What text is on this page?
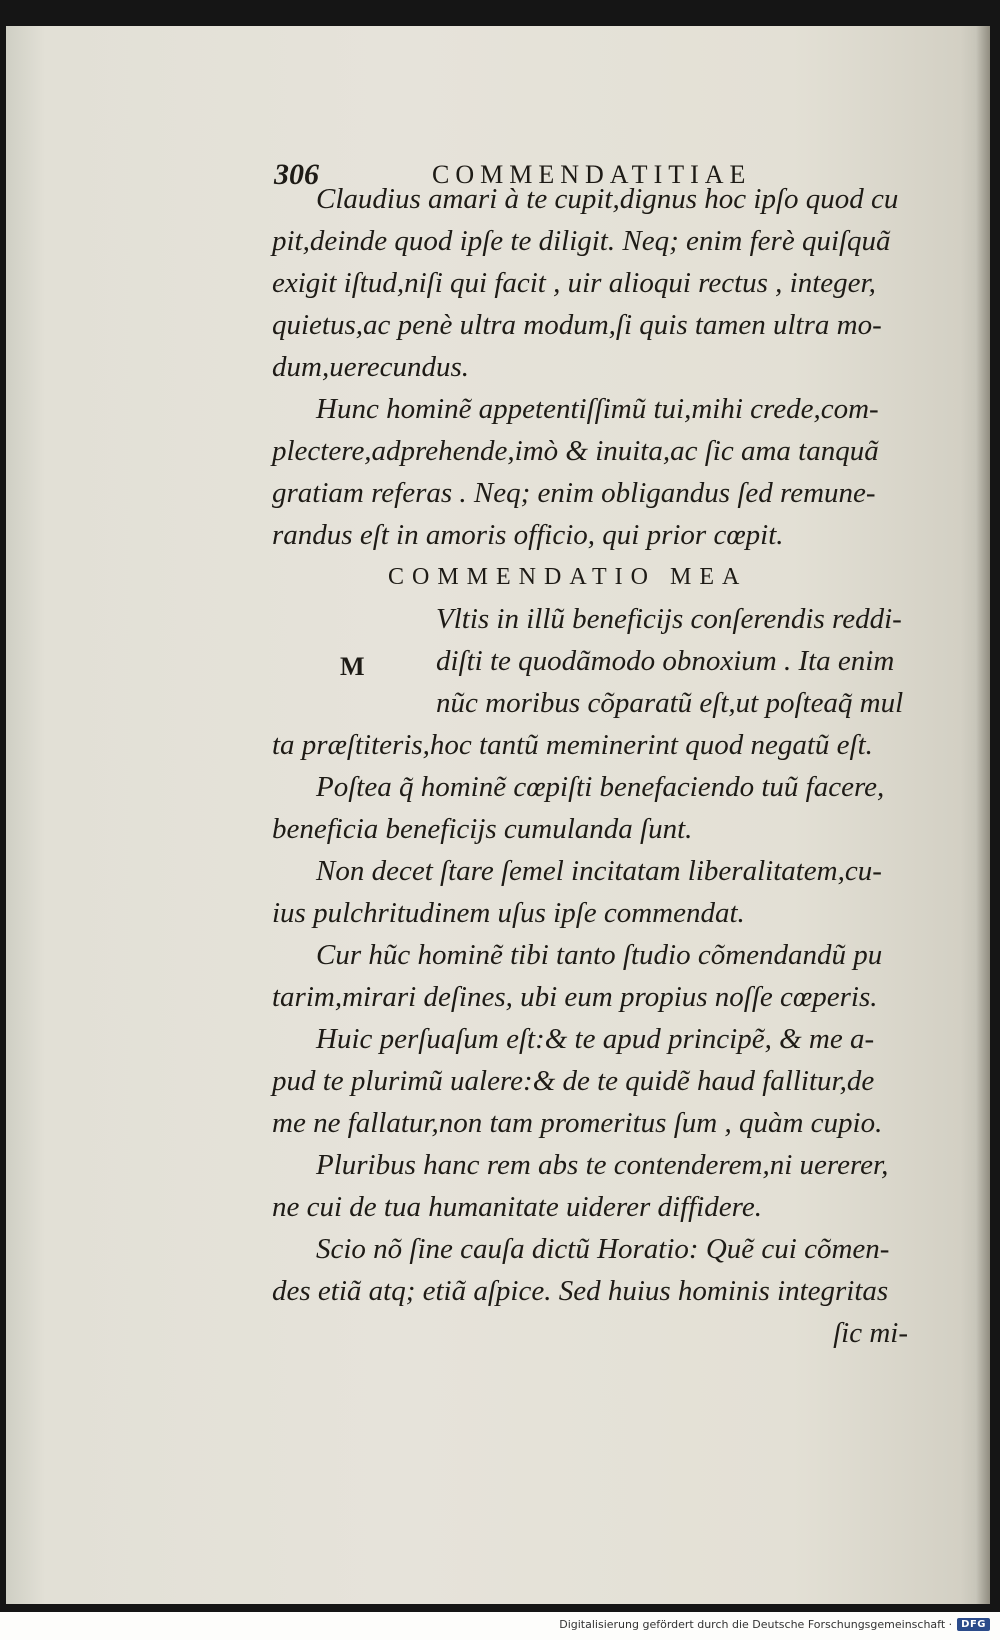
306	COMMENDATITIAE
Claudius amari à te cupit,dignus hoc ipſo quod cu
pit,deinde quod ipſe te diligit. Neq; enim ferè quiſquã
exigit iſtud,niſi qui facit , uir alioqui rectus , integer,
quietus,ac penè ultra modum,ſi quis tamen ultra mo-
dum,uerecundus.
Hunc hominẽ appetentiſſimũ tui,mihi crede,com-
plectere,adprehende,imò & inuita,ac ſic ama tanquã
gratiam referas . Neq; enim obligandus ſed remune-
randus eſt in amoris officio, qui prior cœpit.
COMMENDATIO MEA
M
Vltis in illũ beneficijs conſerendis reddi-
diſti te quodãmodo obnoxium . Ita enim
nũc moribus cõparatũ eſt,ut poſteaq̃ mul
ta præſtiteris,hoc tantũ meminerint quod negatũ eſt.
Poſtea q̃ hominẽ cœpiſti benefaciendo tuũ facere,
beneficia beneficijs cumulanda ſunt.
Non decet ſtare ſemel incitatam liberalitatem,cu-
ius pulchritudinem uſus ipſe commendat.
Cur hũc hominẽ tibi tanto ſtudio cõmendandũ pu
tarim,mirari deſines, ubi eum propius noſſe cœperis.
Huic perſuaſum eſt:& te apud principẽ, & me a-
pud te plurimũ ualere:& de te quidẽ haud fallitur,de
me ne fallatur,non tam promeritus ſum , quàm cupio.
Pluribus hanc rem abs te contenderem,ni uererer,
ne cui de tua humanitate uiderer diffidere.
Scio nõ ſine cauſa dictũ Horatio: Quẽ cui cõmen-
des etiã atq; etiã aſpice. Sed huius hominis integritas
ſic mi-
Digitalisierung gefördert durch die Deutsche Forschungsgemeinschaft · DFG
